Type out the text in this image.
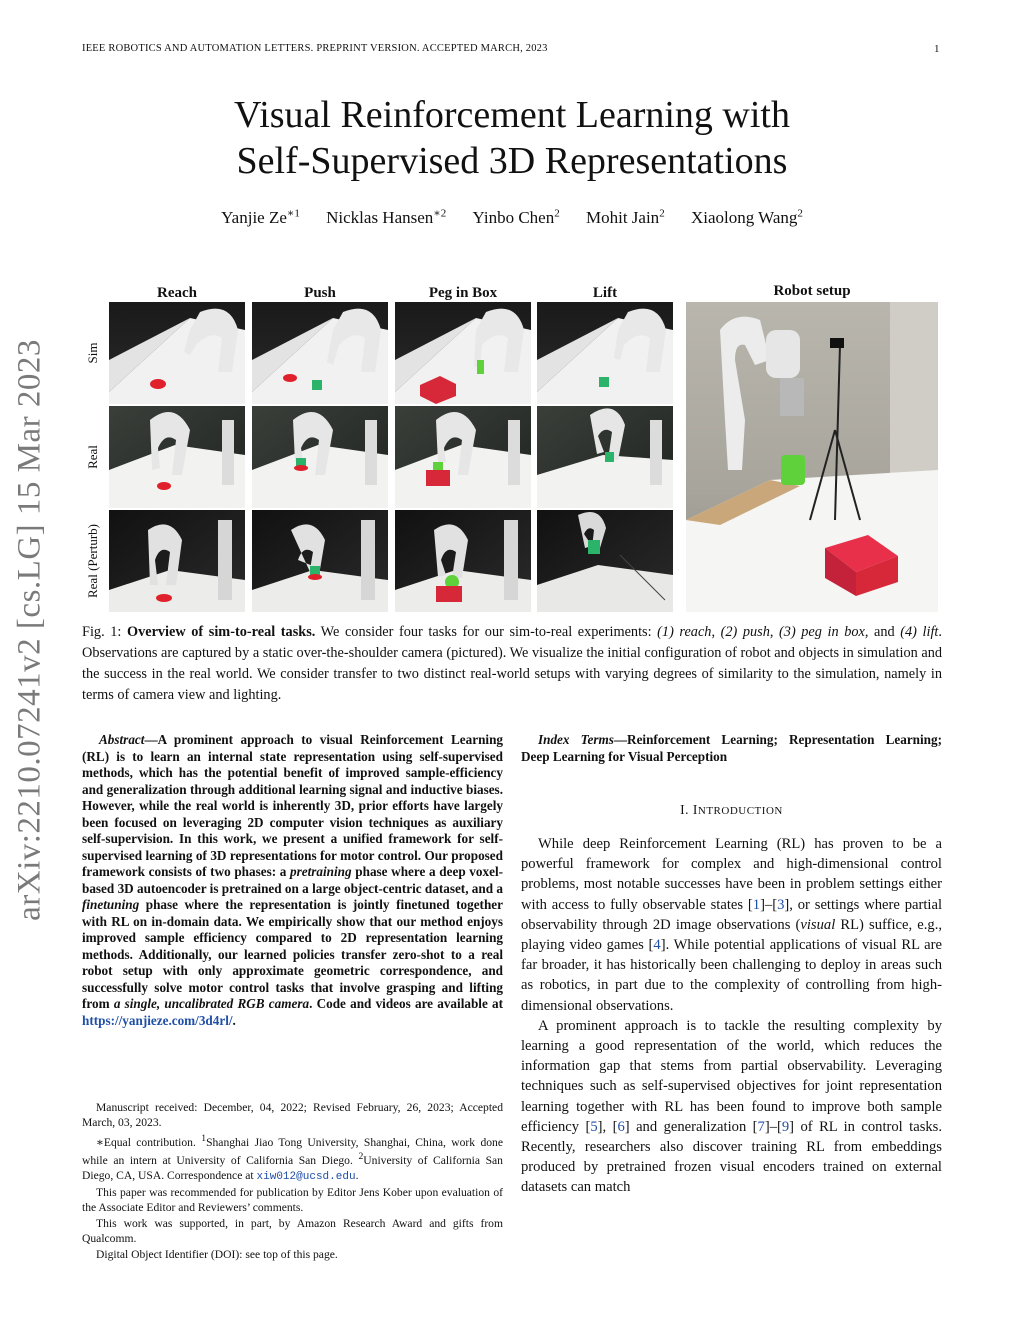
IEEE ROBOTICS AND AUTOMATION LETTERS. PREPRINT VERSION. ACCEPTED MARCH, 2023	1
arXiv:2210.07241v2 [cs.LG] 15 Mar 2023
Visual Reinforcement Learning with
Self-Supervised 3D Representations
Yanjie $Ze^{∗1}$ Nicklas Hansen$^{∗2}$ Yinbo Chen$^2$ Mohit Jain$^2$ Xiaolong Wang$^2$
Reach	Push	Peg in Box	Lift	Robot setup
Sim
Real
Real (Perturb)
Fig. 1: Overview of sim-to-real tasks. We consider four tasks for our sim-to-real experiments: (1) reach, (2) push, (3) peg in box, and (4) lift. Observations are captured by a static over-the-shoulder camera (pictured). We visualize the initial configuration of robot and objects in simulation and the success in the real world. We consider transfer to two distinct real-world setups with varying degrees of similarity to the simulation, namely in terms of camera view and lighting.
Abstract—A prominent approach to visual Reinforcement Learning (RL) is to learn an internal state representation using self-supervised methods, which has the potential benefit of improved sample-efficiency and generalization through additional learning signal and inductive biases. However, while the real world is inherently 3D, prior efforts have largely been focused on leveraging 2D computer vision techniques as auxiliary self-supervision. In this work, we present a unified framework for self-supervised learning of 3D representations for motor control. Our proposed framework consists of two phases: a pretraining phase where a deep voxel-based 3D autoencoder is pretrained on a large object-centric dataset, and a finetuning phase where the representation is jointly finetuned together with RL on in-domain data. We empirically show that our method enjoys improved sample efficiency compared to 2D representation learning methods. Additionally, our learned policies transfer zero-shot to a real robot setup with only approximate geometric correspondence, and successfully solve motor control tasks that involve grasping and lifting from a single, uncalibrated RGB camera. Code and videos are available at https://yanjieze.com/3d4rl/.

Manuscript received: December, 04, 2022; Revised February, 26, 2023; Accepted March, 03, 2023.

∗Equal contribution. $^1$Shanghai Jiao Tong University, Shanghai, China, work done while an intern at University of California San Diego. $^2$University of California San Diego, CA, USA. Correspondence at xiw012@ucsd.edu.

This paper was recommended for publication by Editor Jens Kober upon evaluation of the Associate Editor and Reviewers’ comments.

This work was supported, in part, by Amazon Research Award and gifts from Qualcomm.

Digital Object Identifier (DOI): see top of this page.

Index Terms—Reinforcement Learning; Representation Learning; Deep Learning for Visual Perception
I. INTRODUCTION

While deep Reinforcement Learning (RL) has proven to be a powerful framework for complex and high-dimensional control problems, most notable successes have been in problem settings either with access to fully observable states [1]–[3], or settings where partial observability through 2D image observations (visual RL) suffice, e.g., playing video games [4]. While potential applications of visual RL are far broader, it has historically been challenging to deploy in areas such as robotics, in part due to the complexity of controlling from high-dimensional observations.

A prominent approach is to tackle the resulting complexity by learning a good representation of the world, which reduces the information gap that stems from partial observability. Leveraging techniques such as self-supervised objectives for joint representation learning together with RL has been found to improve both sample efficiency [5], [6] and generalization [7]–[9] of RL in control tasks. Recently, researchers also discover training RL from embeddings produced by pretrained frozen visual encoders trained on external datasets can match
